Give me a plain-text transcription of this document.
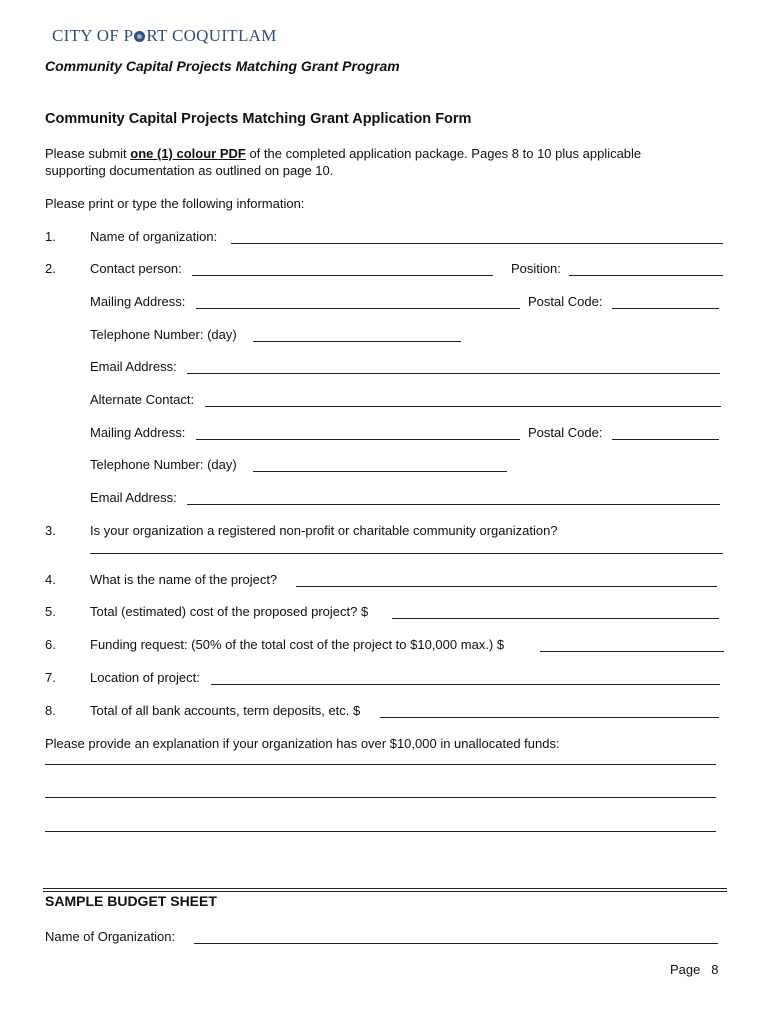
CITY OF P RT COQUITLAM
Community Capital Projects Matching Grant Program
Community Capital Projects Matching Grant Application Form
Please submit one (1) colour PDF of the completed application package. Pages 8 to 10 plus applicable
supporting documentation as outlined on page 10.
Please print or type the following information:
1.	Name of organization:
2.	Contact person:	Position:
Mailing Address:	Postal Code:
Telephone Number: (day)
Email Address:
Alternate Contact:
Mailing Address:	Postal Code:
Telephone Number: (day)
Email Address:
3.	Is your organization a registered non-profit or charitable community organization?
4.	What is the name of the project?
5.	Total (estimated) cost of the proposed project? $
6.	Funding request: (50% of the total cost of the project to $10,000 max.) $
7.	Location of project:
8.	Total of all bank accounts, term deposits, etc. $
Please provide an explanation if your organization has over $10,000 in unallocated funds:
SAMPLE BUDGET SHEET
Name of Organization:
Page 8
